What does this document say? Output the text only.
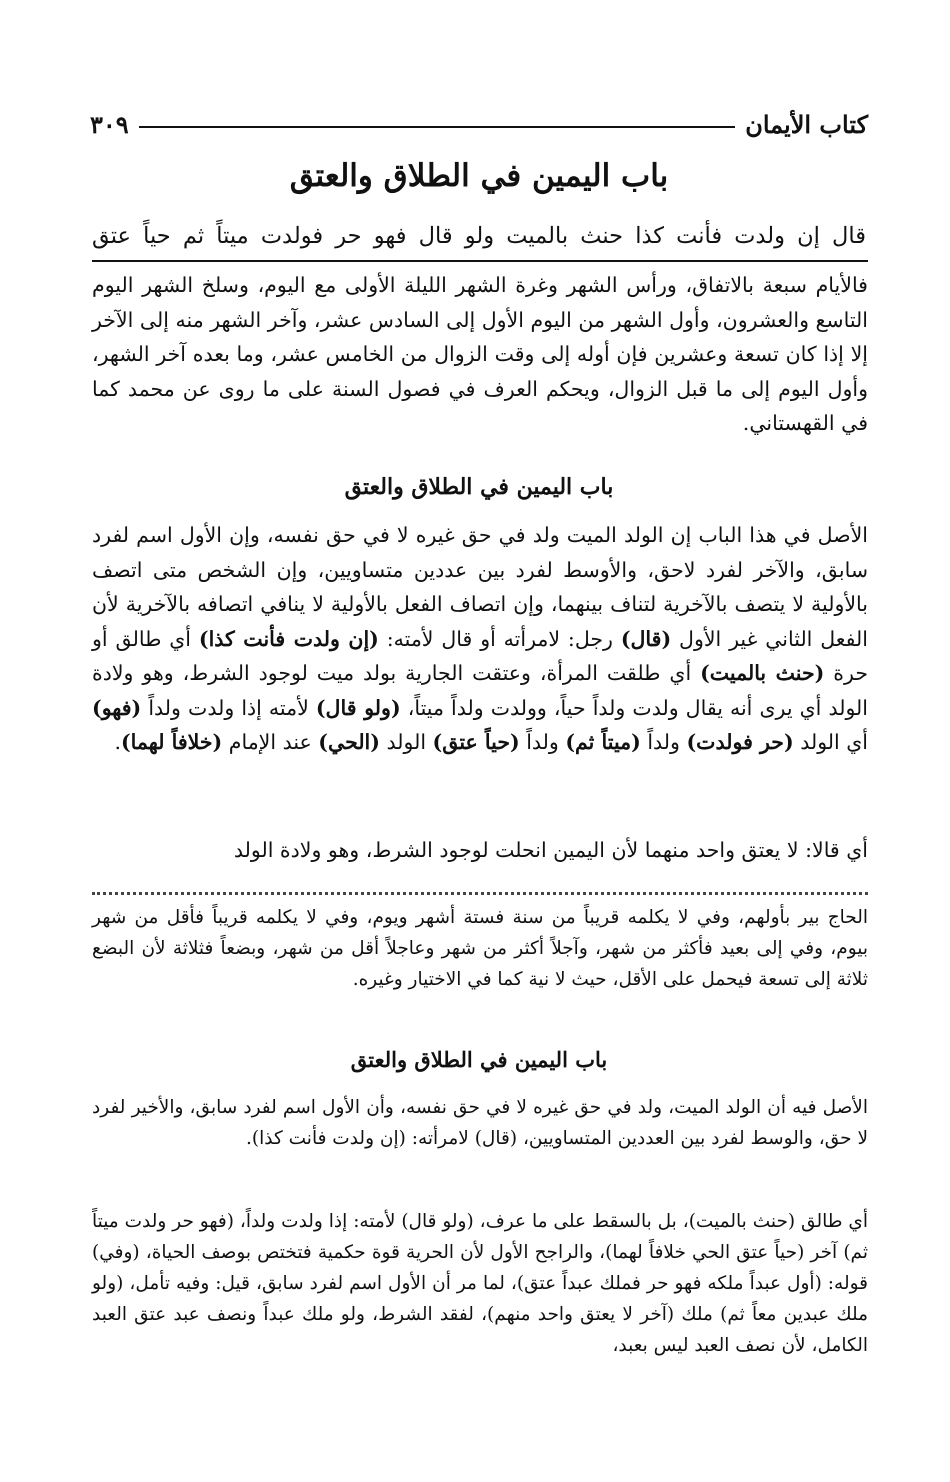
كتاب الأيمان
٣٠٩
باب اليمين في الطلاق والعتق
قال إن ولدت فأنت كذا حنث بالميت ولو قال فهو حر فولدت ميتاً ثم حياً عتق
فالأيام سبعة بالاتفاق، ورأس الشهر وغرة الشهر الليلة الأولى مع اليوم، وسلخ الشهر اليوم التاسع والعشرون، وأول الشهر من اليوم الأول إلى السادس عشر، وآخر الشهر منه إلى الآخر إلا إذا كان تسعة وعشرين فإن أوله إلى وقت الزوال من الخامس عشر، وما بعده آخر الشهر، وأول اليوم إلى ما قبل الزوال، ويحكم العرف في فصول السنة على ما روى عن محمد كما في القهستاني.
باب اليمين في الطلاق والعتق
الأصل في هذا الباب إن الولد الميت ولد في حق غيره لا في حق نفسه، وإن الأول اسم لفرد سابق، والآخر لفرد لاحق، والأوسط لفرد بين عددين متساويين، وإن الشخص متى اتصف بالأولية لا يتصف بالآخرية لتناف بينهما، وإن اتصاف الفعل بالأولية لا ينافي اتصافه بالآخرية لأن الفعل الثاني غير الأول (قال) رجل: لامرأته أو قال لأمته: (إن ولدت فأنت كذا) أي طالق أو حرة (حنث بالميت) أي طلقت المرأة، وعتقت الجارية بولد ميت لوجود الشرط، وهو ولادة الولد أي يرى أنه يقال ولدت ولداً حياً، وولدت ولداً ميتاً، (ولو قال) لأمته إذا ولدت ولداً (فهو) أي الولد (حر فولدت) ولداً (ميتاً ثم) ولداً (حياً عتق) الولد (الحي) عند الإمام (خلافاً لهما).
أي قالا: لا يعتق واحد منهما لأن اليمين انحلت لوجود الشرط، وهو ولادة الولد
الحاج بير بأولهم، وفي لا يكلمه قريباً من سنة فستة أشهر ويوم، وفي لا يكلمه قريباً فأقل من شهر بيوم، وفي إلى بعيد فأكثر من شهر، وآجلاً أكثر من شهر وعاجلاً أقل من شهر، وبضعاً فثلاثة لأن البضع ثلاثة إلى تسعة فيحمل على الأقل، حيث لا نية كما في الاختيار وغيره.
باب اليمين في الطلاق والعتق
الأصل فيه أن الولد الميت، ولد في حق غيره لا في حق نفسه، وأن الأول اسم لفرد سابق، والأخير لفرد لا حق، والوسط لفرد بين العددين المتساويين، (قال) لامرأته: (إن ولدت فأنت كذا).
أي طالق (حنث بالميت)، بل بالسقط على ما عرف، (ولو قال) لأمته: إذا ولدت ولداً، (فهو حر ولدت ميتاً ثم) آخر (حياً عتق الحي خلافاً لهما)، والراجح الأول لأن الحرية قوة حكمية فتختص بوصف الحياة، (وفي) قوله: (أول عبداً ملكه فهو حر فملك عبداً عتق)، لما مر أن الأول اسم لفرد سابق، قيل: وفيه تأمل، (ولو ملك عبدين معاً ثم) ملك (آخر لا يعتق واحد منهم)، لفقد الشرط، ولو ملك عبداً ونصف عبد عتق العبد الكامل، لأن نصف العبد ليس بعبد،
